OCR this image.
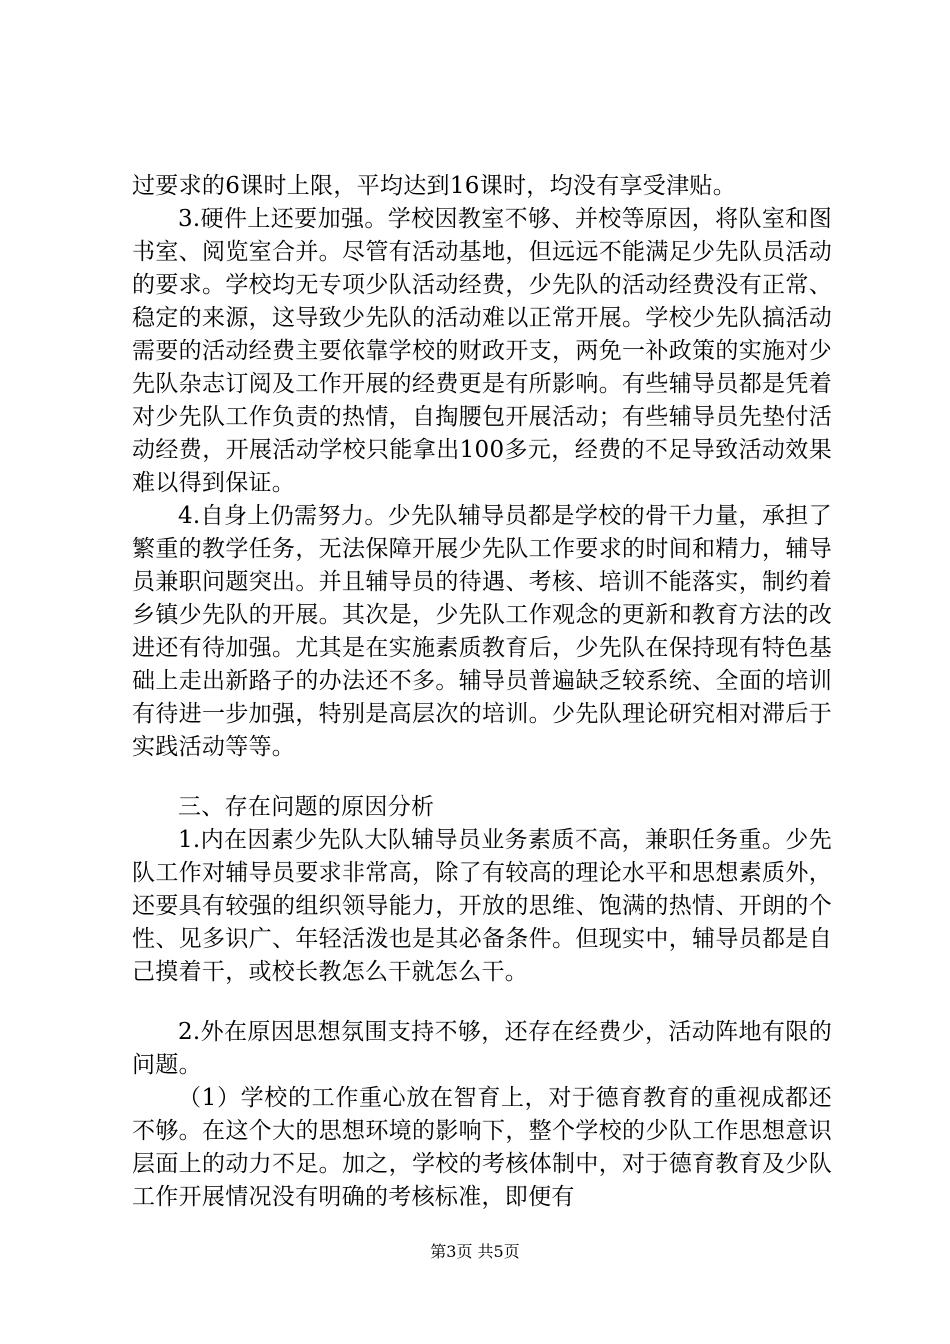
过要求的6课时上限，平均达到16课时，均没有享受津贴。

3.硬件上还要加强。学校因教室不够、并校等原因，将队室和图书室、阅览室合并。尽管有活动基地，但远远不能满足少先队员活动的要求。学校均无专项少队活动经费，少先队的活动经费没有正常、稳定的来源，这导致少先队的活动难以正常开展。学校少先队搞活动需要的活动经费主要依靠学校的财政开支，两免一补政策的实施对少先队杂志订阅及工作开展的经费更是有所影响。有些辅导员都是凭着对少先队工作负责的热情，自掏腰包开展活动；有些辅导员先垫付活动经费，开展活动学校只能拿出100多元，经费的不足导致活动效果难以得到保证。

4.自身上仍需努力。少先队辅导员都是学校的骨干力量，承担了繁重的教学任务，无法保障开展少先队工作要求的时间和精力，辅导员兼职问题突出。并且辅导员的待遇、考核、培训不能落实，制约着乡镇少先队的开展。其次是，少先队工作观念的更新和教育方法的改进还有待加强。尤其是在实施素质教育后，少先队在保持现有特色基础上走出新路子的办法还不多。辅导员普遍缺乏较系统、全面的培训有待进一步加强，特别是高层次的培训。少先队理论研究相对滞后于实践活动等等。

三、存在问题的原因分析

1.内在因素少先队大队辅导员业务素质不高，兼职任务重。少先队工作对辅导员要求非常高，除了有较高的理论水平和思想素质外，还要具有较强的组织领导能力，开放的思维、饱满的热情、开朗的个性、见多识广、年轻活泼也是其必备条件。但现实中，辅导员都是自己摸着干，或校长教怎么干就怎么干。

2.外在原因思想氛围支持不够，还存在经费少，活动阵地有限的问题。

（1）学校的工作重心放在智育上，对于德育教育的重视成都还不够。在这个大的思想环境的影响下，整个学校的少队工作思想意识层面上的动力不足。加之，学校的考核体制中，对于德育教育及少队工作开展情况没有明确的考核标准，即便有

第3页 共5页
